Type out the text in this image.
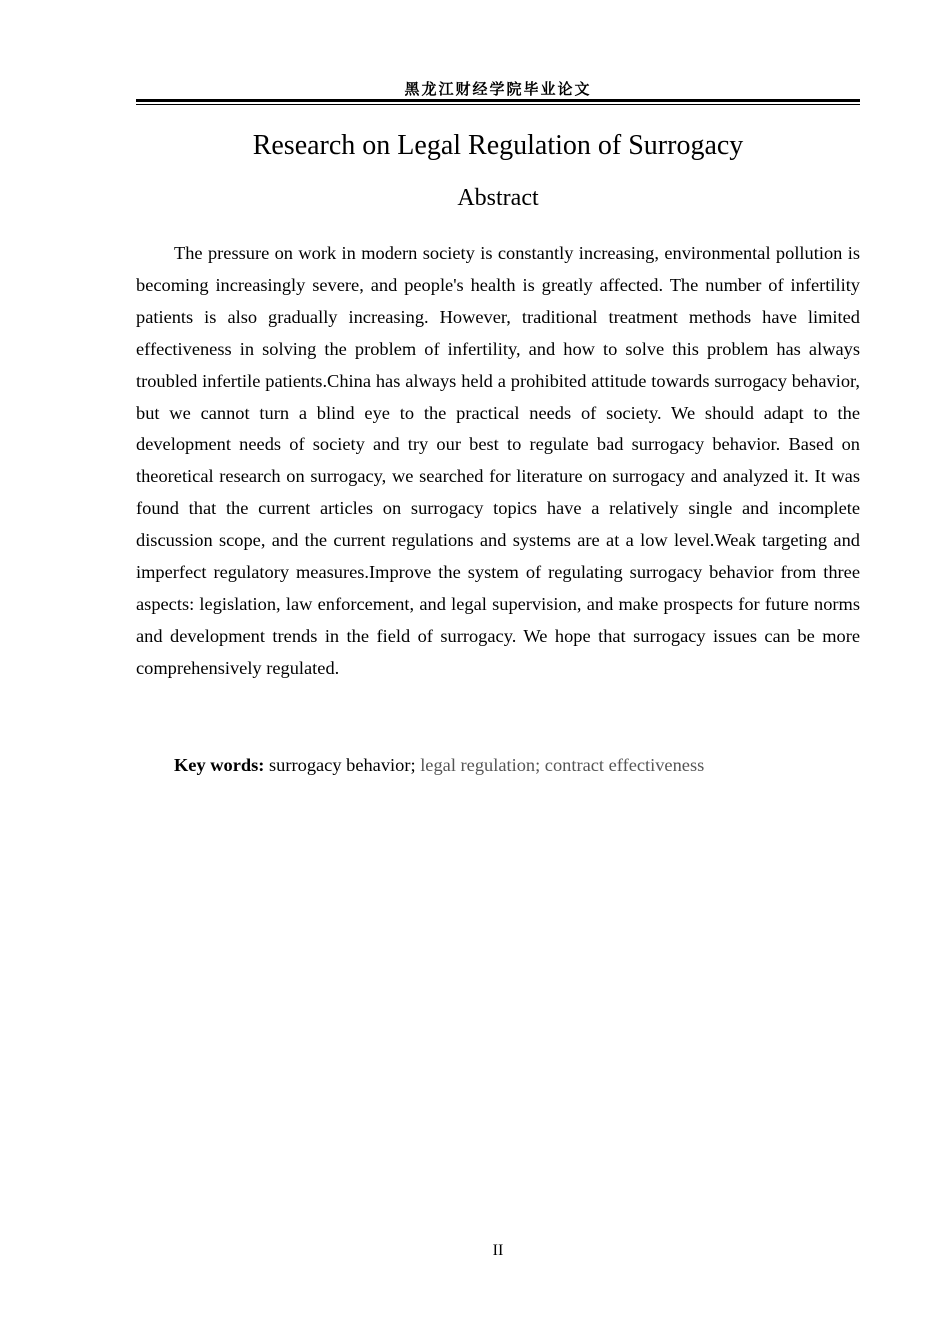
黑龙江财经学院毕业论文
Research on Legal Regulation of Surrogacy
Abstract

The pressure on work in modern society is constantly increasing, environmental pollution is becoming increasingly severe, and people's health is greatly affected. The number of infertility patients is also gradually increasing. However, traditional treatment methods have limited effectiveness in solving the problem of infertility, and how to solve this problem has always troubled infertile patients.China has always held a prohibited attitude towards surrogacy behavior, but we cannot turn a blind eye to the practical needs of society. We should adapt to the development needs of society and try our best to regulate bad surrogacy behavior. Based on theoretical research on surrogacy, we searched for literature on surrogacy and analyzed it. It was found that the current articles on surrogacy topics have a relatively single and incomplete discussion scope, and the current regulations and systems are at a low level.Weak targeting and imperfect regulatory measures.Improve the system of regulating surrogacy behavior from three aspects: legislation, law enforcement, and legal supervision, and make prospects for future norms and development trends in the field of surrogacy. We hope that surrogacy issues can be more comprehensively regulated.

Key words: surrogacy behavior; legal regulation; contract effectiveness
II
